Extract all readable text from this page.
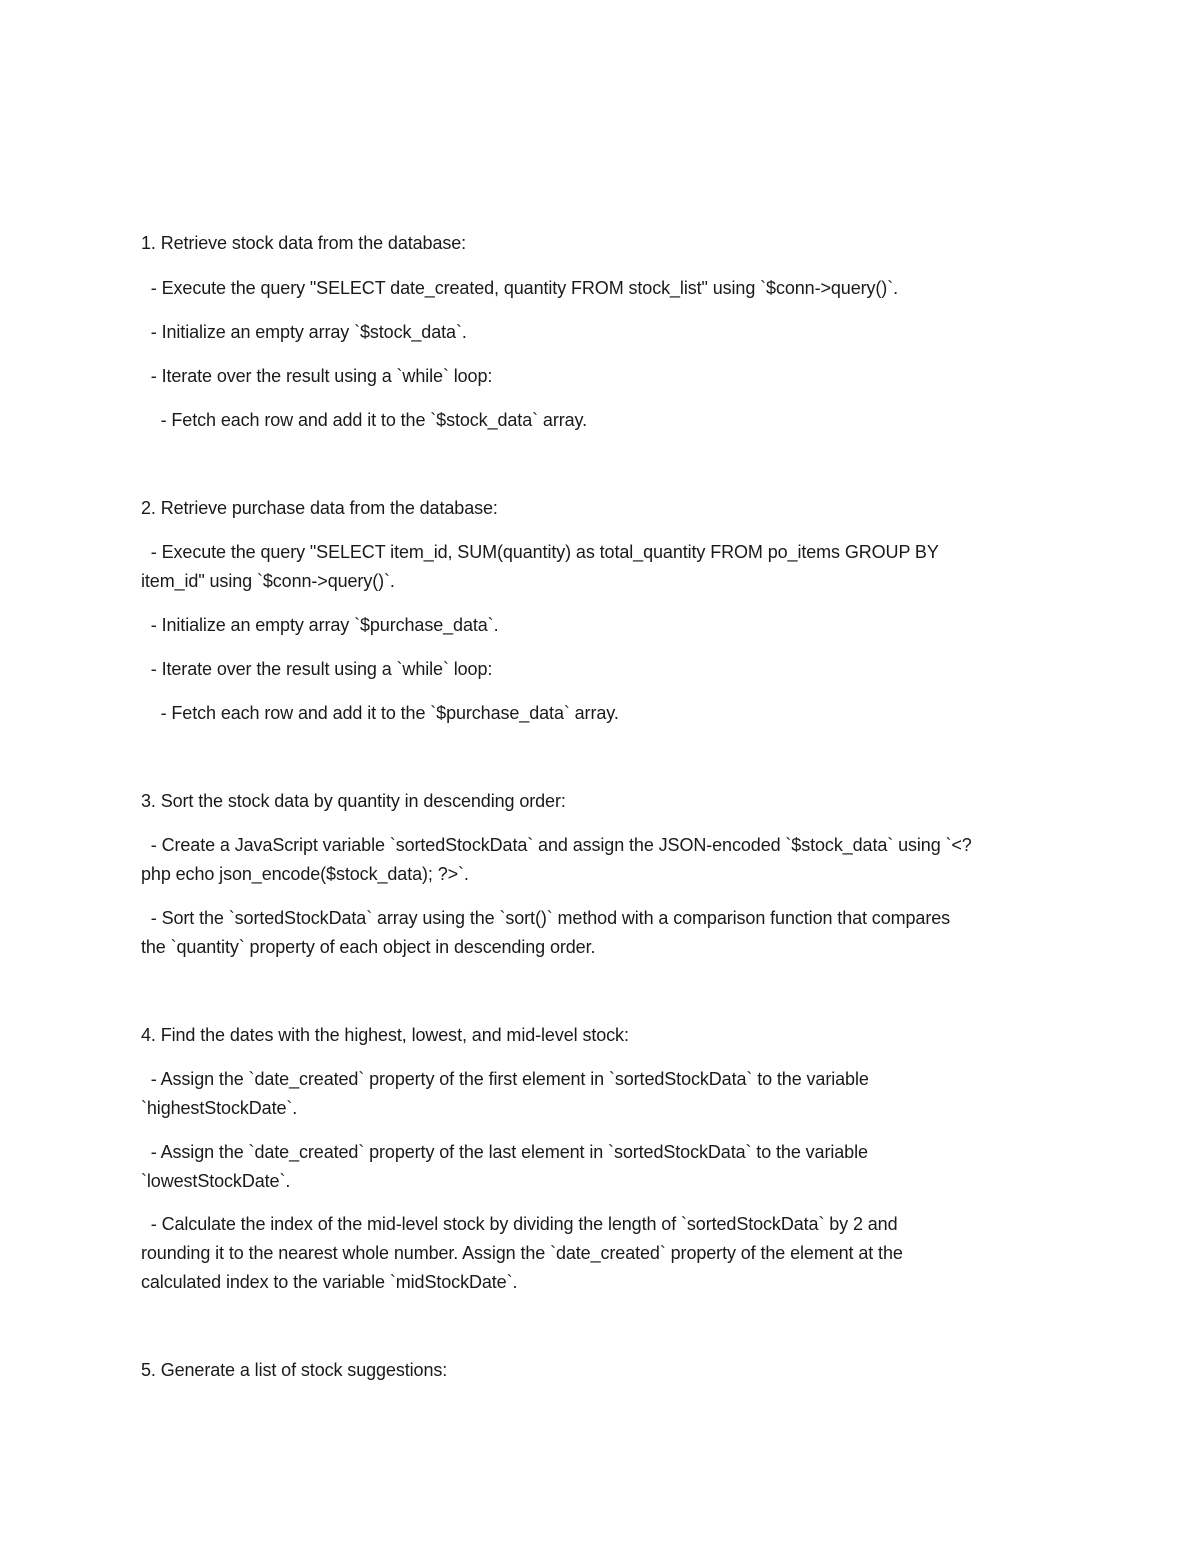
1. Retrieve stock data from the database:
- Execute the query "SELECT date_created, quantity FROM stock_list" using `$conn->query()`.
- Initialize an empty array `$stock_data`.
- Iterate over the result using a `while` loop:
- Fetch each row and add it to the `$stock_data` array.
2. Retrieve purchase data from the database:
- Execute the query "SELECT item_id, SUM(quantity) as total_quantity FROM po_items GROUP BY
item_id" using `$conn->query()`.
- Initialize an empty array `$purchase_data`.
- Iterate over the result using a `while` loop:
- Fetch each row and add it to the `$purchase_data` array.
3. Sort the stock data by quantity in descending order:
- Create a JavaScript variable `sortedStockData` and assign the JSON-encoded `$stock_data` using `<?
php echo json_encode($stock_data); ?>`.
- Sort the `sortedStockData` array using the `sort()` method with a comparison function that compares
the `quantity` property of each object in descending order.
4. Find the dates with the highest, lowest, and mid-level stock:
- Assign the `date_created` property of the first element in `sortedStockData` to the variable
`highestStockDate`.
- Assign the `date_created` property of the last element in `sortedStockData` to the variable
`lowestStockDate`.
- Calculate the index of the mid-level stock by dividing the length of `sortedStockData` by 2 and
rounding it to the nearest whole number. Assign the `date_created` property of the element at the
calculated index to the variable `midStockDate`.
5. Generate a list of stock suggestions:
